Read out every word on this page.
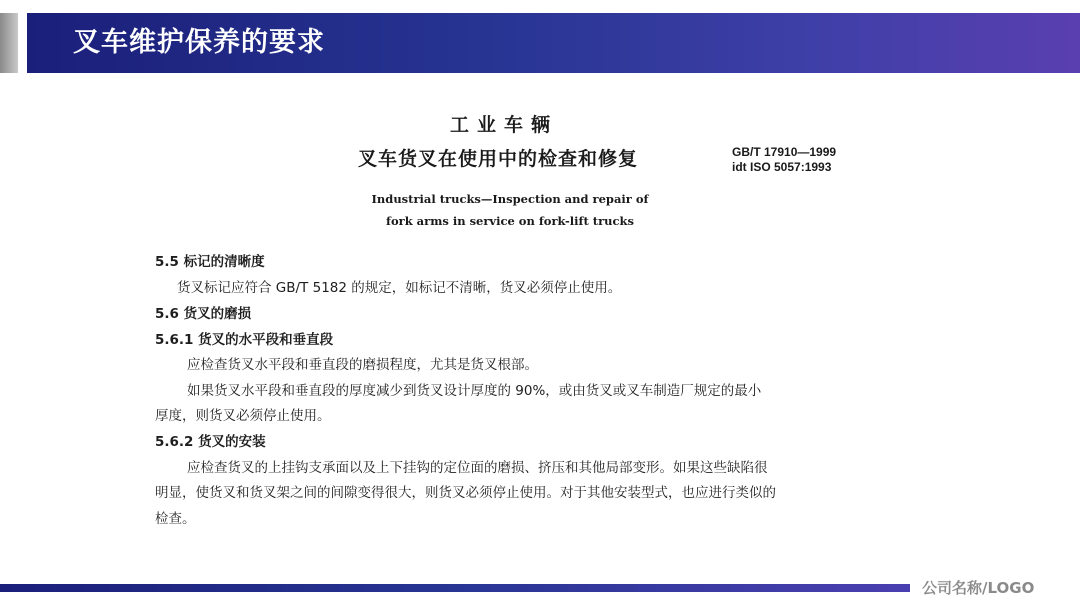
叉车维护保养的要求
工业车辆
叉车货叉在使用中的检查和修复	GB/T 17910—1999
idt ISO 5057:1993
Industrial trucks—Inspection and repair of
fork arms in service on fork-lift trucks
5.5 标记的清晰度
货叉标记应符合 GB/T 5182 的规定，如标记不清晰，货叉必须停止使用。
5.6 货叉的磨损
5.6.1 货叉的水平段和垂直段
应检查货叉水平段和垂直段的磨损程度，尤其是货叉根部。
如果货叉水平段和垂直段的厚度减少到货叉设计厚度的 90%，或由货叉或叉车制造厂规定的最小
厚度，则货叉必须停止使用。
5.6.2 货叉的安装
应检查货叉的上挂钩支承面以及上下挂钩的定位面的磨损、挤压和其他局部变形。如果这些缺陷很
明显，使货叉和货叉架之间的间隙变得很大，则货叉必须停止使用。对于其他安装型式，也应进行类似的
检查。
公司名称/LOGO
